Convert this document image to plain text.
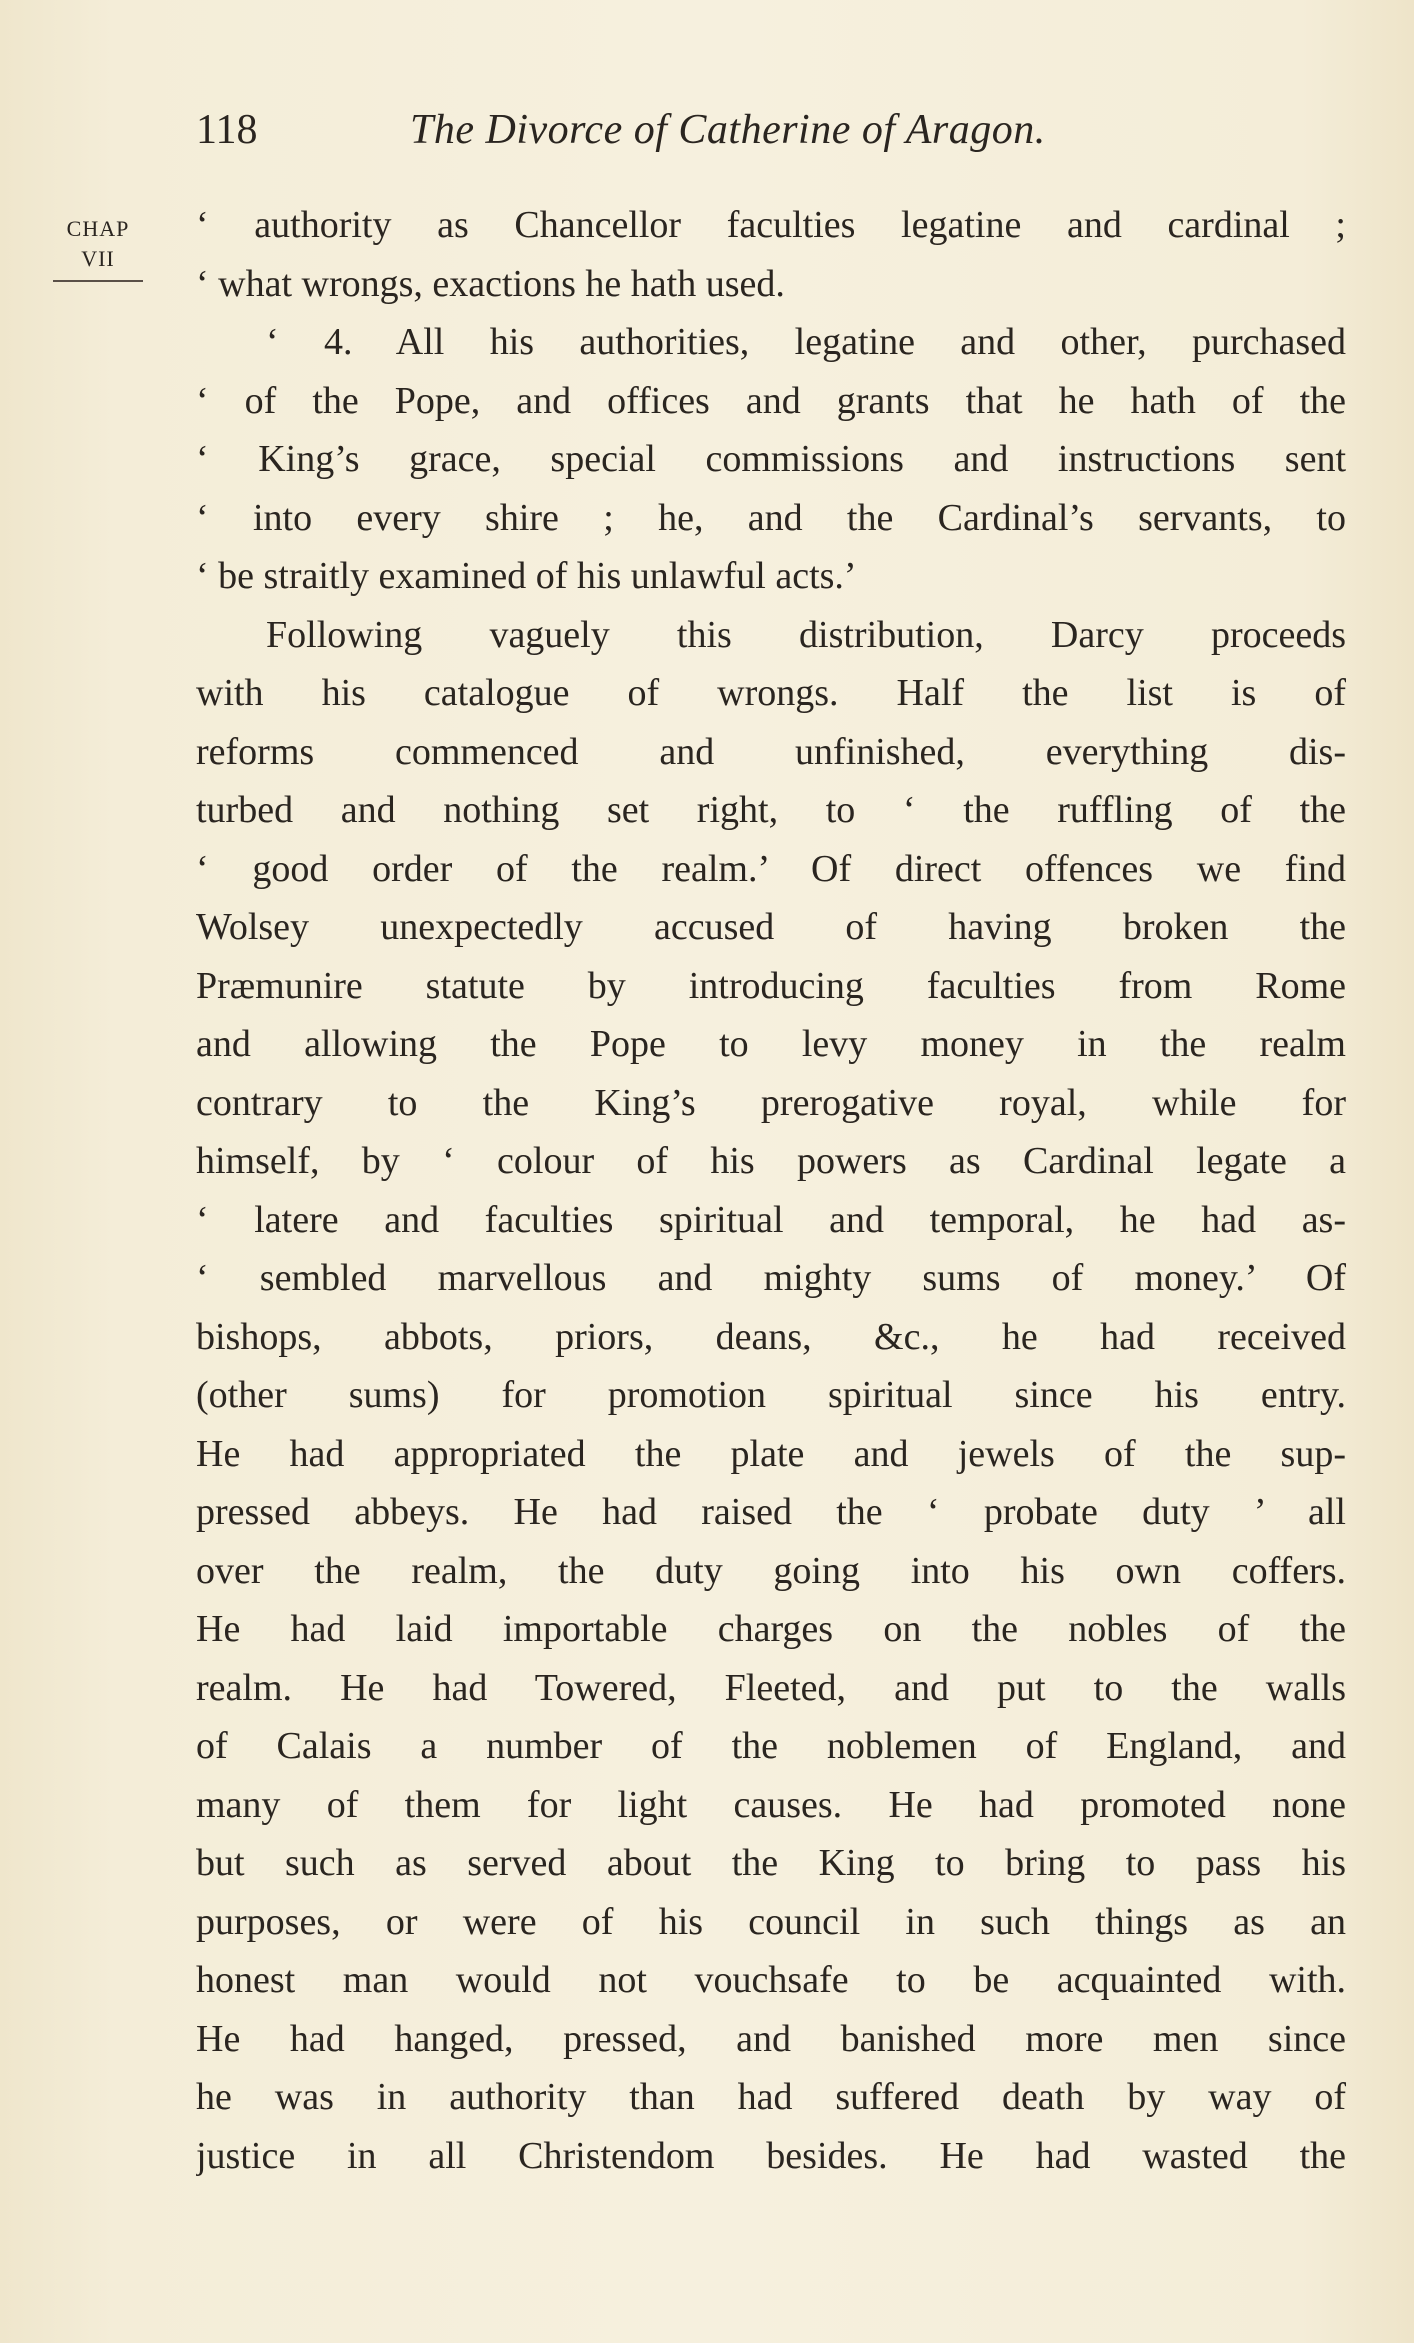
118	The Divorce of Catherine of Aragon.
CHAP
VII
‘ authority as Chancellor faculties legatine and cardinal ;
‘ what wrongs, exactions he hath used.
‘ 4. All his authorities, legatine and other, purchased
‘ of the Pope, and offices and grants that he hath of the
‘ King’s grace, special commissions and instructions sent
‘ into every shire ; he, and the Cardinal’s servants, to
‘ be straitly examined of his unlawful acts.’
Following vaguely this distribution, Darcy proceeds
with his catalogue of wrongs. Half the list is of
reforms commenced and unfinished, everything dis-
turbed and nothing set right, to ‘ the ruffling of the
‘ good order of the realm.’ Of direct offences we find
Wolsey unexpectedly accused of having broken the
Præmunire statute by introducing faculties from Rome
and allowing the Pope to levy money in the realm
contrary to the King’s prerogative royal, while for
himself, by ‘ colour of his powers as Cardinal legate a
‘ latere and faculties spiritual and temporal, he had as-
‘ sembled marvellous and mighty sums of money.’ Of
bishops, abbots, priors, deans, &c., he had received
(other sums) for promotion spiritual since his entry.
He had appropriated the plate and jewels of the sup-
pressed abbeys. He had raised the ‘ probate duty ’ all
over the realm, the duty going into his own coffers.
He had laid importable charges on the nobles of the
realm. He had Towered, Fleeted, and put to the walls
of Calais a number of the noblemen of England, and
many of them for light causes. He had promoted none
but such as served about the King to bring to pass his
purposes, or were of his council in such things as an
honest man would not vouchsafe to be acquainted with.
He had hanged, pressed, and banished more men since
he was in authority than had suffered death by way of
justice in all Christendom besides. He had wasted the
